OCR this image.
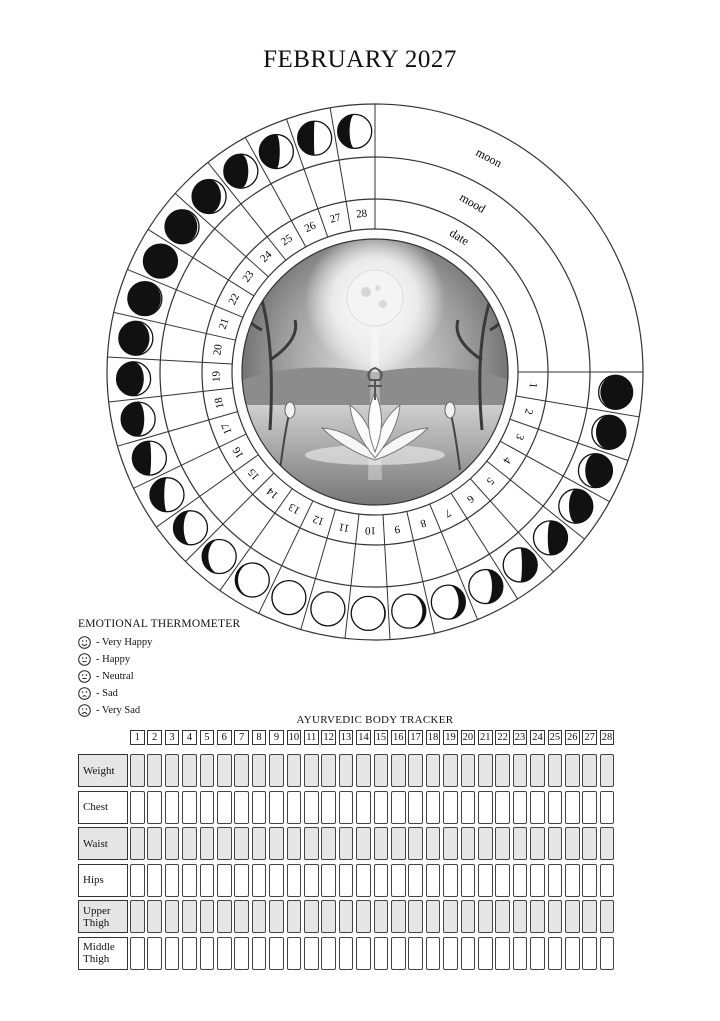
FEBRUARY 2027
1
2
3
4
5
6
7
8
9
10
11
12
13
14
15
16
17
18
19
20
21
22
23
24
25
26
27 28
moon
mood
date
EMOTIONAL THERMOMETER
- Very Happy
- Happy
- Neutral
- Sad
- Very Sad
AYURVEDIC BODY TRACKER
1	2	3	4	5	6	7	8	9 10 11 12 13 14 15 16 17 18 19 20 21 22 23 24 25 26 27 28
Weight
Chest
Waist
Hips
Upper Thigh
Middle Thigh
